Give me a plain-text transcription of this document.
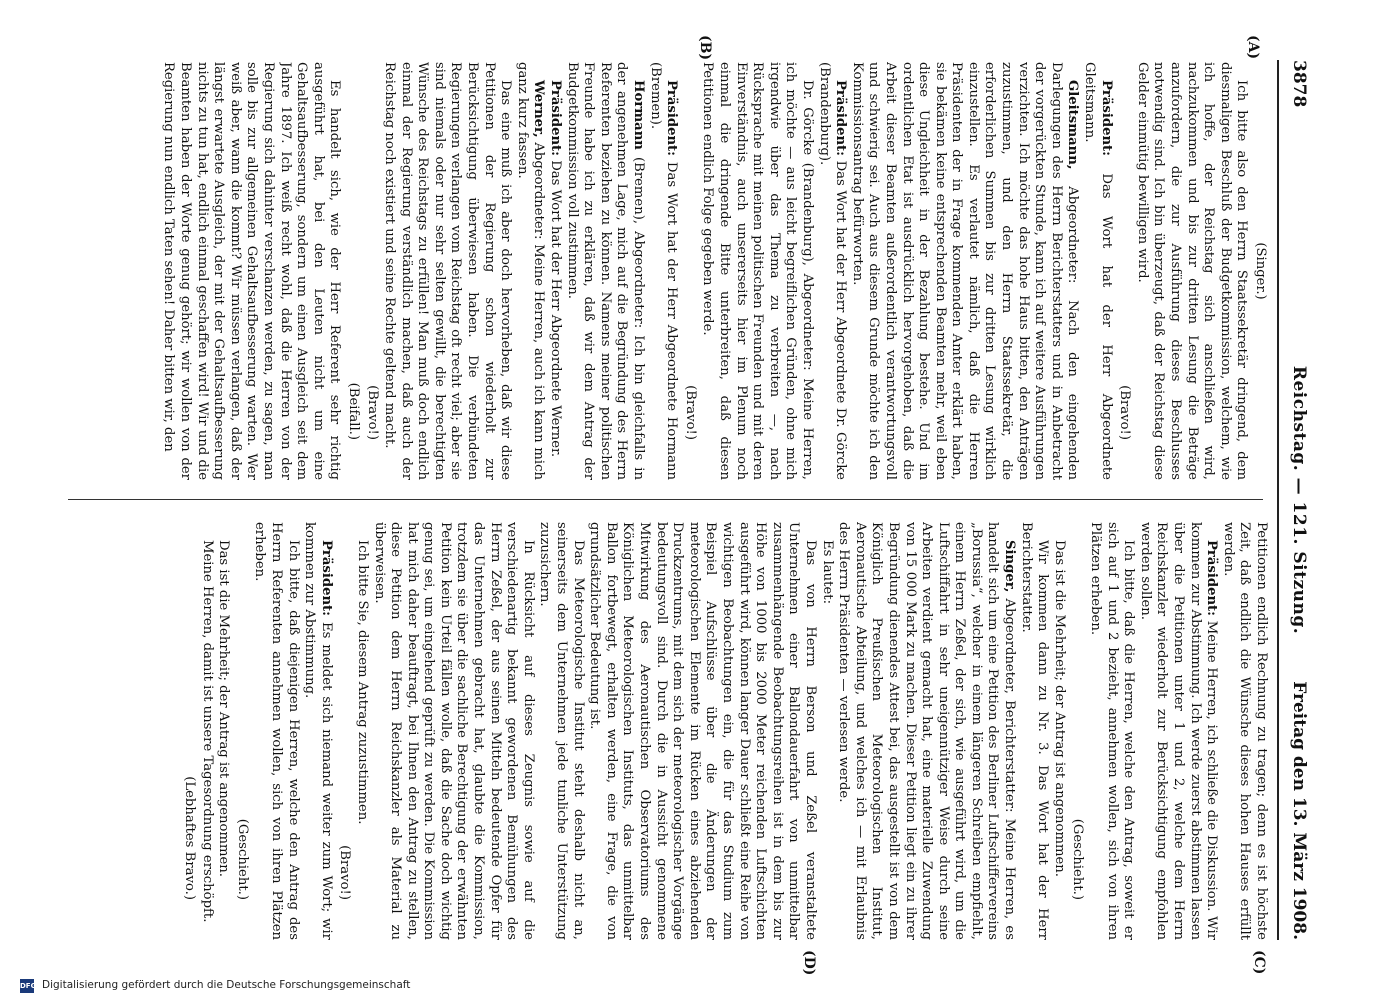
3878
Reichstag. — 121. Sitzung.
Freitag den 13. März 1908.
(A)
(B)
(C)
(D)

(Singer.)

Ich bitte also den Herrn Staatssekretär dringend, dem diesmaligen Beschluß der Budgetkommission, welchem, wie ich hoffe, der Reichstag sich anschließen wird, nachzukommen und bis zur dritten Lesung die Beträge anzufordern, die zur Ausführung dieses Beschlusses notwendig sind. Ich bin überzeugt, daß der Reichstag diese Gelder einmütig bewilligen wird.

(Bravo!)

Präsident: Das Wort hat der Herr Abgeordnete Gleitsmann.

Gleitsmann, Abgeordneter: Nach den eingehenden Darlegungen des Herrn Berichterstatters und in Anbetracht der vorgerückten Stunde, kann ich auf weitere Ausführungen verzichten. Ich möchte das hohe Haus bitten, den Anträgen zuzustimmen, und den Herrn Staatssekretär, die erforderlichen Summen bis zur dritten Lesung wirklich einzustellen. Es verlautet nämlich, daß die Herren Präsidenten der in Frage kommenden Amter erklärt haben, sie bekämen keine entsprechenden Beamten mehr, weil eben diese Ungleichheit in der Bezahlung bestehe. Und im ordentlichen Etat ist ausdrücklich hervorgehoben, daß die Arbeit dieser Beamten außerordentlich verantwortungsvoll und schwierig sei. Auch aus diesem Grunde möchte ich den Kommissionsantrag befürworten.

Präsident: Das Wort hat der Herr Abgeordnete Dr. Görcke (Brandenburg).

Dr. Görcke (Brandenburg), Abgeordneter: Meine Herren, ich möchte — aus leicht begreiflichen Gründen, ohne mich irgendwie über das Thema zu verbreiten —, nach Rücksprache mit meinen politischen Freunden und mit deren Einverständnis, auch unsererseits hier im Plenum noch einmal die dringende Bitte unterbreiten, daß diesen Petitionen endlich Folge gegeben werde.

(Bravo!)

Präsident: Das Wort hat der Herr Abgeordnete Hormann (Bremen).

Hormann (Bremen), Abgeordneter: Ich bin gleichfalls in der angenehmen Lage, mich auf die Begründung des Herrn Referenten beziehen zu können. Namens meiner politischen Freunde habe ich zu erklären, daß wir dem Antrag der Budgetkommission voll zustimmen.

Präsident: Das Wort hat der Herr Abgeordnete Werner.

Werner, Abgeordneter: Meine Herren, auch ich kann mich ganz kurz fassen.

Das eine muß ich aber doch hervorheben, daß wir diese Petitionen der Regierung schon wiederholt zur Berücksichtigung überwiesen haben. Die verbündeten Regierungen verlangen vom Reichstag oft recht viel; aber sie sind niemals oder nur sehr selten gewillt, die berechtigten Wünsche des Reichstags zu erfüllen! Man muß doch endlich einmal der Regierung verständlich machen, daß auch der Reichstag noch existiert und seine Rechte geltend macht.

(Bravo!)

(Beifall.)

Es handelt sich, wie der Herr Referent sehr richtig ausgeführt hat, bei den Leuten nicht um eine Gehaltsaufbesserung, sondern um einen Ausgleich seit dem Jahre 1897. Ich weiß recht wohl, daß die Herren von der Regierung sich dahinter verschanzen werden, zu sagen, man solle bis zur allgemeinen Gehaltsaufbesserung warten. Wer weiß aber, wann die kommt? Wir müssen verlangen, daß der längst erwartete Ausgleich, der mit der Gehaltsaufbesserung nichts zu tun hat, endlich einmal geschaffen wird! Wir und die Beamten haben der Worte genug gehört; wir wollen von der Regierung nun endlich Taten sehen! Daher bitten wir, den

Petitionen endlich Rechnung zu tragen; denn es ist höchste Zeit, daß endlich die Wünsche dieses hohen Hauses erfüllt werden.

Präsident: Meine Herren, ich schließe die Diskussion. Wir kommen zur Abstimmung. Ich werde zuerst abstimmen lassen über die Petitionen unter 1 und 2, welche dem Herrn Reichskanzler wiederholt zur Berücksichtigung empfohlen werden sollen.

Ich bitte, daß die Herren, welche den Antrag, soweit er sich auf 1 und 2 bezieht, annehmen wollen, sich von ihren Plätzen erheben.

(Geschieht.)

Das ist die Mehrheit; der Antrag ist angenommen.

Wir kommen dann zu Nr. 3. Das Wort hat der Herr Berichterstatter.

Singer, Abgeordneter, Berichterstatter: Meine Herren, es handelt sich um eine Petition des Berliner Luftschiffervereins „Borussia“, welcher in einem längeren Schreiben empfiehlt, einem Herrn Zeßel, der sich, wie ausgeführt wird, um die Luftschiffahrt in sehr uneigennütziger Weise durch seine Arbeiten verdient gemacht hat, eine materielle Zuwendung von 15 000 Mark zu machen. Dieser Petition liegt ein zu ihrer Begründung dienendes Attest bei, das ausgestellt ist von dem Königlich Preußischen Meteorologischen Institut, Aeronautische Abteilung, und welches ich — mit Erlaubnis des Herrn Präsidenten — verlesen werde.

Es lautet:

Das von Herrn Berson und Zeßel veranstaltete Unternehmen einer Ballondauerfahrt von unmittelbar zusammenhängende Beobachtungsreihen ist in dem bis zur Höhe von 1000 bis 2000 Meter reichenden Luftschichten ausgeführt wird, können langer Dauer schließt eine Reihe von wichtigen Beobachtungen ein, die für das Studium zum Beispiel Aufschlüsse über die Änderungen der meteorologischen Elemente im Rücken eines abziehenden Druckzentrums, mit dem sich der meteorologischer Vorgänge bedeutungsvoll sind. Durch die in Aussicht genommene Mitwirkung des Aeronautischen Observatoriums des Königlichen Meteorologischen Instituts, das unmittelbar Ballon fortbewegt, erhalten werden, eine Frage, die von grundsätzlicher Bedeutung ist.

Das Meteorologische Institut steht deshalb nicht an, seinerseits dem Unternehmen jede tunliche Unterstützung zuzusichern.

In Rücksicht auf dieses Zeugnis sowie auf die verschiedenartig bekannt gewordenen Bemühungen des Herrn Zeßel, der aus seinen Mitteln bedeutende Opfer für das Unternehmen gebracht hat, glaubte die Kommission, trotzdem sie über die sachliche Berechtigung der erwähnten Petition kein Urteil fällen wolle, daß die Sache doch wichtig genug sei, um eingehend geprüft zu werden. Die Kommission hat mich daher beauftragt, bei Ihnen den Antrag zu stellen, diese Petition dem Herrn Reichskanzler als Material zu überweisen.

Ich bitte Sie, diesem Antrag zuzustimmen.

(Bravo!)

Präsident: Es meldet sich niemand weiter zum Wort; wir kommen zur Abstimmung.

Ich bitte, daß diejenigen Herren, welche den Antrag des Herrn Referenten annehmen wollen, sich von ihren Plätzen erheben.

(Geschieht.)

Das ist die Mehrheit; der Antrag ist angenommen.

Meine Herren, damit ist unsere Tagesordnung erschöpft.

(Lebhaftes Bravo.)

DFG Digitalisierung gefördert durch die Deutsche Forschungsgemeinschaft
